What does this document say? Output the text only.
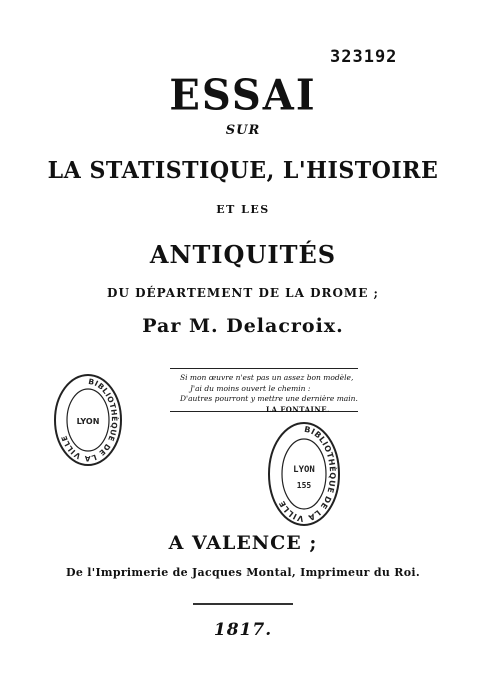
323192
ESSAI
SUR
LA STATISTIQUE, L'HISTOIRE
ET LES
ANTIQUITÉS
DU DÉPARTEMENT DE LA DROME ;
Par M. Delacroix.
Si mon œuvre n'est pas un assez bon modèle,
J'ai du moins ouvert le chemin :
D'autres pourront y mettre une dernière main.
LA FONTAINE.
BIBLIOTHÈQUE DE LA VILLE
LYON
BIBLIOTHÈQUE DE LA VILLE
LYON
155
A VALENCE ;
De l'Imprimerie de Jacques Montal, Imprimeur du Roi.
1817.
